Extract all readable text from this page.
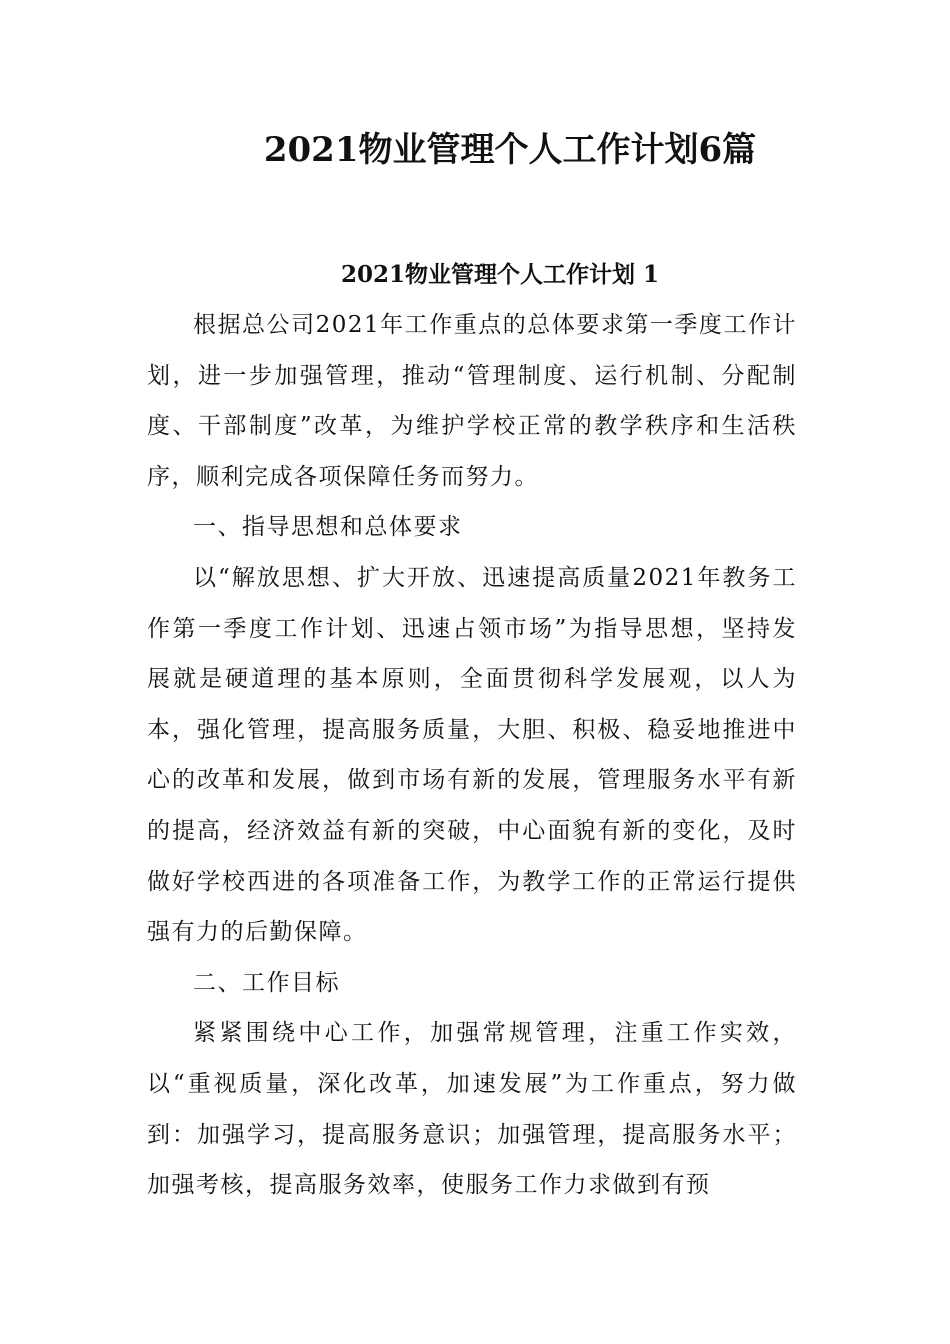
2021物业管理个人工作计划6篇
2021物业管理个人工作计划 1

根据总公司2021年工作重点的总体要求第一季度工作计划，进一步加强管理，推动“管理制度、运行机制、分配制度、干部制度”改革，为维护学校正常的教学秩序和生活秩序，顺利完成各项保障任务而努力。

一、指导思想和总体要求

以“解放思想、扩大开放、迅速提高质量2021年教务工作第一季度工作计划、迅速占领市场”为指导思想，坚持发展就是硬道理的基本原则，全面贯彻科学发展观，以人为本，强化管理，提高服务质量，大胆、积极、稳妥地推进中心的改革和发展，做到市场有新的发展，管理服务水平有新的提高，经济效益有新的突破，中心面貌有新的变化，及时做好学校西进的各项准备工作，为教学工作的正常运行提供强有力的后勤保障。

二、工作目标

紧紧围绕中心工作，加强常规管理，注重工作实效，以“重视质量，深化改革，加速发展”为工作重点，努力做到：加强学习，提高服务意识；加强管理，提高服务水平；加强考核，提高服务效率，使服务工作力求做到有预
